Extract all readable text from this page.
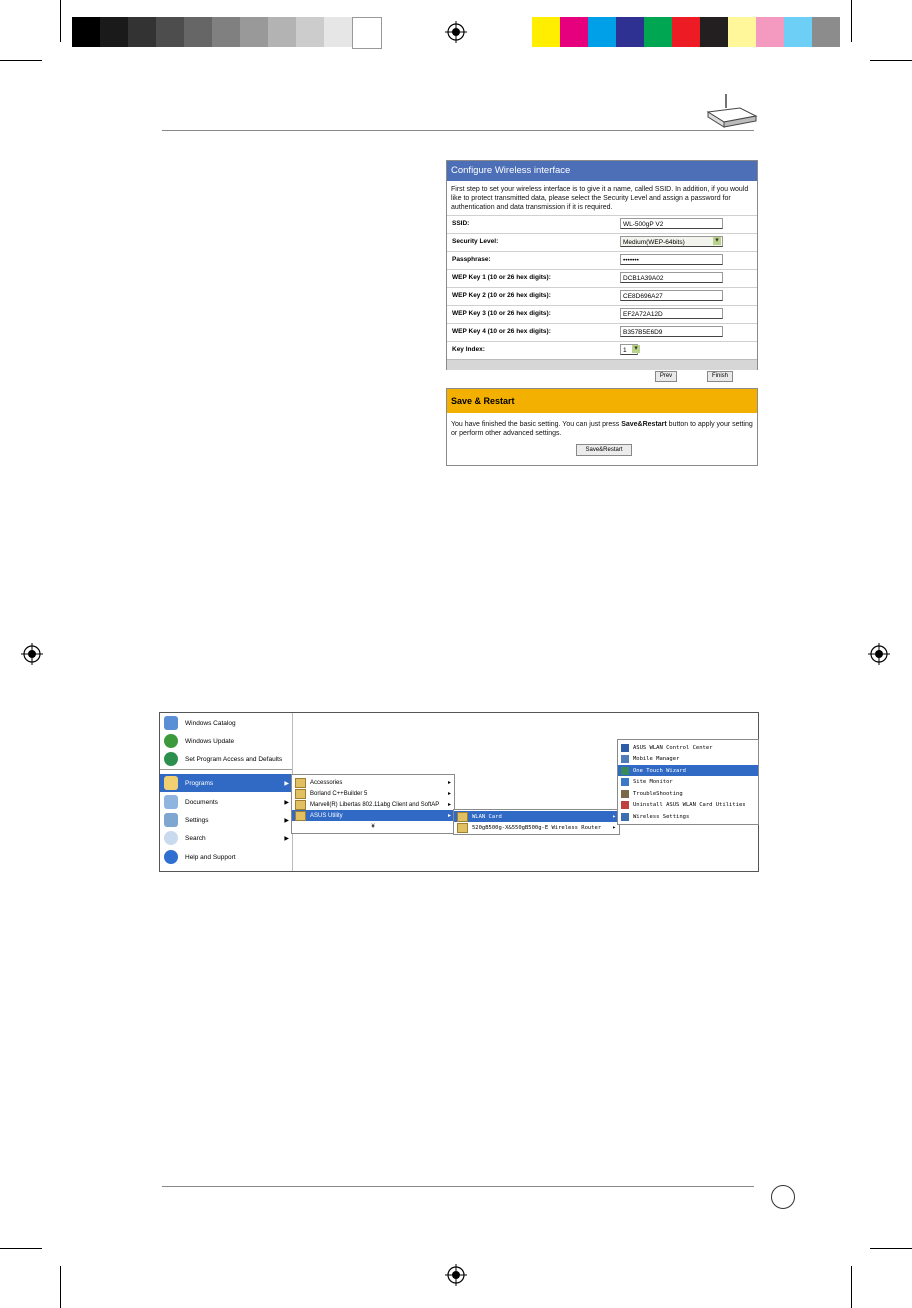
Configure Wireless interface
First step to set your wireless interface is to give it a name, called SSID. In addition, if you would like to protect transmitted data, please select the Security Level and assign a password for authentication and data transmission if it is required.
SSID:	WL-500gP V2
Security Level:	Medium(WEP-64bits)	▾
Passphrase:	•••••••
WEP Key 1 (10 or 26 hex digits):	DCB1A39A02
WEP Key 2 (10 or 26 hex digits):	CE8D696A27
WEP Key 3 (10 or 26 hex digits):	EF2A72A12D
WEP Key 4 (10 or 26 hex digits):	B357B5E6D9
Key Index:	1	▾
Prev	Finish
Save & Restart
You have finished the basic setting. You can just press Save&Restart button to apply your setting or perform other advanced settings.
Save&Restart
Windows Catalog
Windows Update
Set Program Access and Defaults
Programs	▶
Documents	▶
Settings	▶
Search	▶
Help and Support
Accessories	▸
Borland C++Builder 5	▸
Marvell(R) Libertas 802.11abg Client and SoftAP ▸
ASUS Utility	▸
¥
WLAN Card	▸
520gB500g-X&550gB500g-E Wireless Router ▸
ASUS WLAN Control Center
Mobile Manager
One Touch Wizard
Site Monitor
TroubleShooting
Uninstall ASUS WLAN Card Utilities
Wireless Settings
